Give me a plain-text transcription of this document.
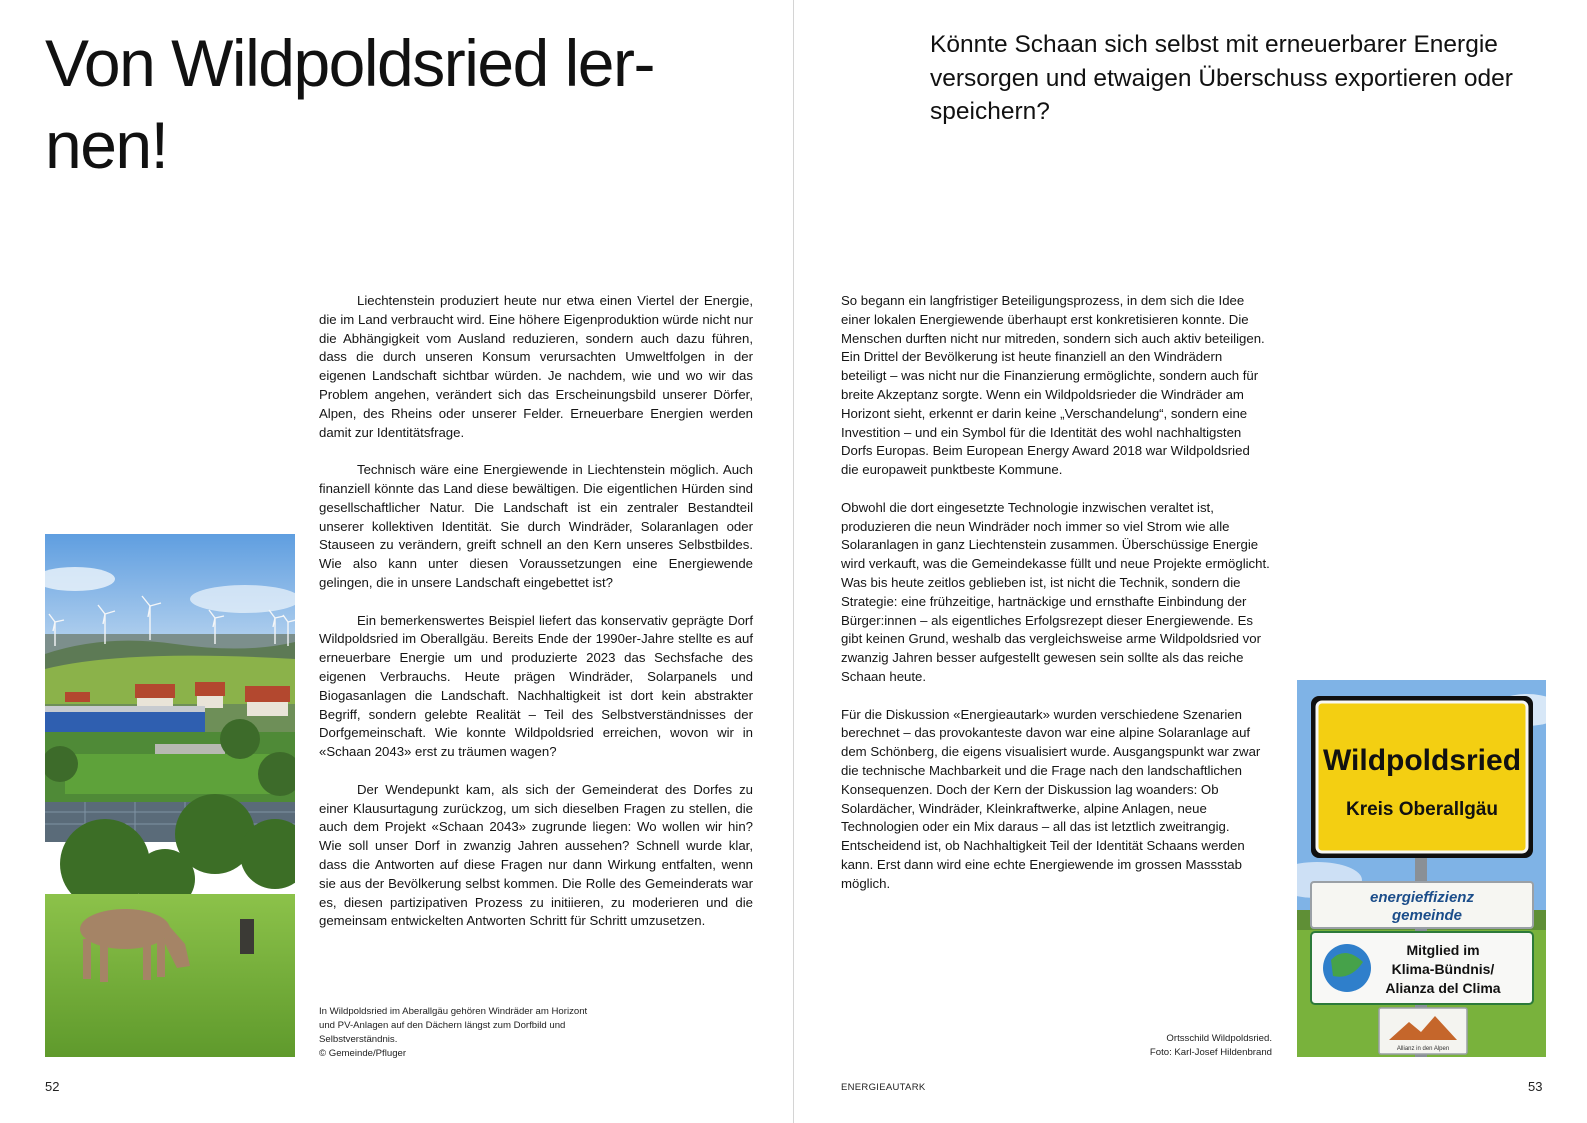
Von Wildpoldsried ler-
nen!

Könnte Schaan sich selbst mit erneuerbarer Energie versorgen und etwaigen Überschuss exportieren oder speichern?

Liechtenstein produziert heute nur etwa einen Viertel der Energie, die im Land verbraucht wird. Eine höhere Eigenproduktion würde nicht nur die Abhängigkeit vom Ausland reduzieren, sondern auch dazu führen, dass die durch unseren Konsum verursachten Umweltfolgen in der eigenen Landschaft sichtbar würden. Je nachdem, wie und wo wir das Problem angehen, verändert sich das Erscheinungsbild unserer Dörfer, Alpen, des Rheins oder unserer Felder. Erneuerbare Energien werden damit zur Identitätsfrage.

Technisch wäre eine Energiewende in Liechtenstein möglich. Auch finanziell könnte das Land diese bewältigen. Die eigentlichen Hürden sind gesellschaftlicher Natur. Die Landschaft ist ein zentraler Bestandteil unserer kollektiven Identität. Sie durch Windräder, Solaranlagen oder Stauseen zu verändern, greift schnell an den Kern unseres Selbstbildes. Wie also kann unter diesen Voraussetzungen eine Energiewende gelingen, die in unsere Landschaft eingebettet ist?

Ein bemerkenswertes Beispiel liefert das konservativ geprägte Dorf Wildpoldsried im Oberallgäu. Bereits Ende der 1990er-Jahre stellte es auf erneuerbare Energie um und produzierte 2023 das Sechsfache des eigenen Verbrauchs. Heute prägen Windräder, Solarpanels und Biogasanlagen die Landschaft. Nachhaltigkeit ist dort kein abstrakter Begriff, sondern gelebte Realität – Teil des Selbstverständnisses der Dorfgemeinschaft. Wie konnte Wildpoldsried erreichen, wovon wir in «Schaan 2043» erst zu träumen wagen?

Der Wendepunkt kam, als sich der Gemeinderat des Dorfes zu einer Klausurtagung zurückzog, um sich dieselben Fragen zu stellen, die auch dem Projekt «Schaan 2043» zugrunde liegen: Wo wollen wir hin? Wie soll unser Dorf in zwanzig Jahren aussehen? Schnell wurde klar, dass die Antworten auf diese Fragen nur dann Wirkung entfalten, wenn sie aus der Bevölkerung selbst kommen. Die Rolle des Gemeinderats war es, diesen partizipativen Prozess zu initiieren, zu moderieren und die gemeinsam entwickelten Antworten Schritt für Schritt umzusetzen.

So begann ein langfristiger Beteiligungsprozess, in dem sich die Idee einer lokalen Energiewende überhaupt erst konkretisieren konnte. Die Menschen durften nicht nur mitreden, sondern sich auch aktiv beteiligen. Ein Drittel der Bevölkerung ist heute finanziell an den Windrädern beteiligt – was nicht nur die Finanzierung ermöglichte, sondern auch für breite Akzeptanz sorgte. Wenn ein Wildpoldsrieder die Windräder am Horizont sieht, erkennt er darin keine „Verschandelung“, sondern eine Investition – und ein Symbol für die Identität des wohl nachhaltigsten Dorfs Europas. Beim European Energy Award 2018 war Wildpoldsried die europaweit punktbeste Kommune.

Obwohl die dort eingesetzte Technologie inzwischen veraltet ist, produzieren die neun Windräder noch immer so viel Strom wie alle Solaranlagen in ganz Liechtenstein zusammen. Überschüssige Energie wird verkauft, was die Gemeindekasse füllt und neue Projekte ermöglicht. Was bis heute zeitlos geblieben ist, ist nicht die Technik, sondern die Strategie: eine frühzeitige, hartnäckige und ernsthafte Einbindung der Bürger:innen – als eigentliches Erfolgsrezept dieser Energiewende. Es gibt keinen Grund, weshalb das vergleichsweise arme Wildpoldsried vor zwanzig Jahren besser aufgestellt gewesen sein sollte als das reiche Schaan heute.

Für die Diskussion «Energieautark» wurden verschiedene Szenarien berechnet – das provokanteste davon war eine alpine Solaranlage auf dem Schönberg, die eigens visualisiert wurde. Ausgangspunkt war zwar die technische Machbarkeit und die Frage nach den landschaftlichen Konsequenzen. Doch der Kern der Diskussion lag woanders: Ob Solardächer, Windräder, Kleinkraftwerke, alpine Anlagen, neue Technologien oder ein Mix daraus – all das ist letztlich zweitrangig. Entscheidend ist, ob Nachhaltigkeit Teil der Identität Schaans werden kann. Erst dann wird eine echte Energiewende im grossen Massstab möglich.

Wildpoldsried
Kreis Oberallgäu
energieffizienz
gemeinde
Mitglied im
Klima-Bündnis/
Alianza del Clima
Allianz in den Alpen
In Wildpoldsried im Aberallgäu gehören Windräder am Horizont und PV-Anlagen auf den Dächern längst zum Dorfbild und Selbstverständnis.
© Gemeinde/Pfluger
Ortsschild Wildpoldsried.
Foto: Karl-Josef Hildenbrand
52	ENERGIEAUTARK	53
